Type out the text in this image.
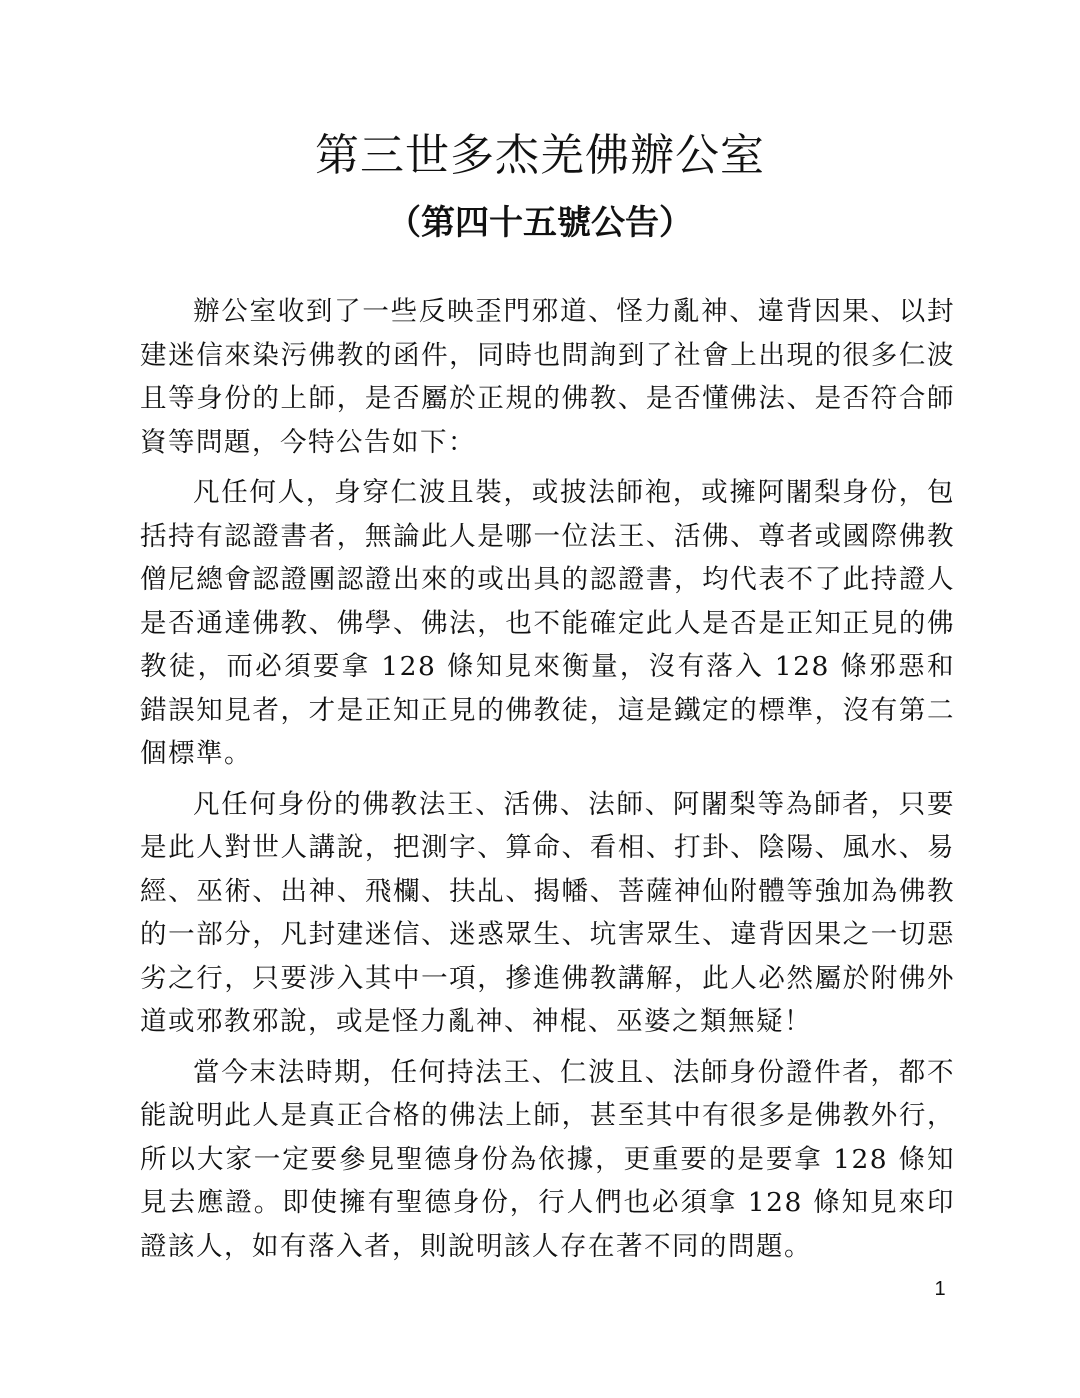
第三世多杰羌佛辦公室
（第四十五號公告）

辦公室收到了一些反映歪門邪道、怪力亂神、違背因果、以封建迷信來染污佛教的函件，同時也問詢到了社會上出現的很多仁波且等身份的上師，是否屬於正規的佛教、是否懂佛法、是否符合師資等問題，今特公告如下：

凡任何人，身穿仁波且裝，或披法師袍，或擁阿闍梨身份，包括持有認證書者，無論此人是哪一位法王、活佛、尊者或國際佛教僧尼總會認證團認證出來的或出具的認證書，均代表不了此持證人是否通達佛教、佛學、佛法，也不能確定此人是否是正知正見的佛教徒，而必須要拿 128 條知見來衡量，沒有落入 128 條邪惡和錯誤知見者，才是正知正見的佛教徒，這是鐵定的標準，沒有第二個標準。

凡任何身份的佛教法王、活佛、法師、阿闍梨等為師者，只要是此人對世人講說，把測字、算命、看相、打卦、陰陽、風水、易經、巫術、出神、飛欄、扶乩、揭幡、菩薩神仙附體等強加為佛教的一部分，凡封建迷信、迷惑眾生、坑害眾生、違背因果之一切惡劣之行，只要涉入其中一項，摻進佛教講解，此人必然屬於附佛外道或邪教邪說，或是怪力亂神、神棍、巫婆之類無疑！

當今末法時期，任何持法王、仁波且、法師身份證件者，都不能說明此人是真正合格的佛法上師，甚至其中有很多是佛教外行，所以大家一定要參見聖德身份為依據，更重要的是要拿 128 條知見去應證。即使擁有聖德身份，行人們也必須拿 128 條知見來印證該人，如有落入者，則說明該人存在著不同的問題。

1
